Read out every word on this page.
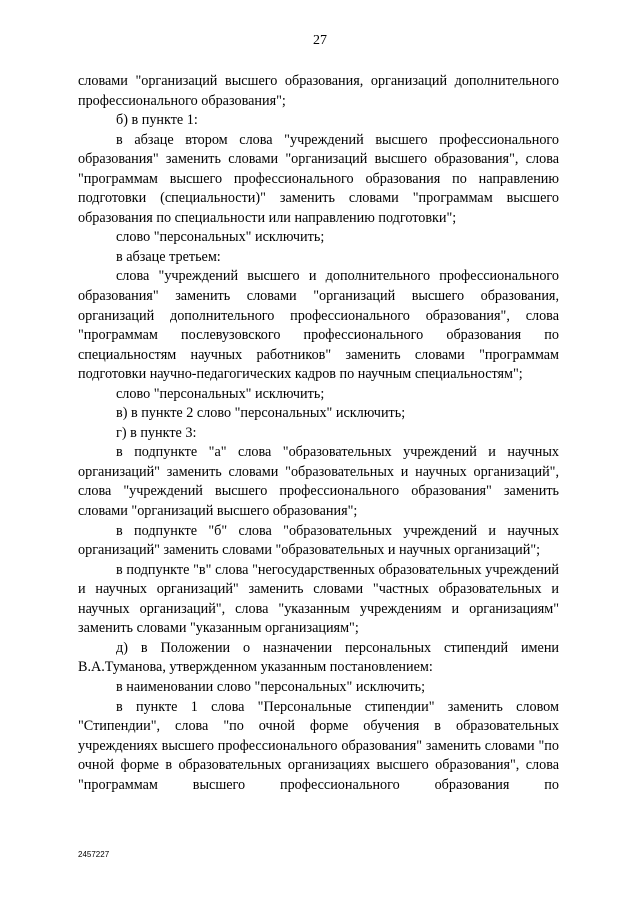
27

словами "организаций высшего образования, организаций дополнительного профессионального образования";

б) в пункте 1:

в абзаце втором слова "учреждений высшего профессионального образования" заменить словами "организаций высшего образования", слова "программам высшего профессионального образования по направлению подготовки (специальности)" заменить словами "программам высшего образования по специальности или направлению подготовки";

слово "персональных" исключить;

в абзаце третьем:

слова "учреждений высшего и дополнительного профессионального образования" заменить словами "организаций высшего образования, организаций дополнительного профессионального образования", слова "программам послевузовского профессионального образования по специальностям научных работников" заменить словами "программам подготовки научно-педагогических кадров по научным специальностям";

слово "персональных" исключить;

в) в пункте 2 слово "персональных" исключить;

г) в пункте 3:

в подпункте "а" слова "образовательных учреждений и научных организаций" заменить словами "образовательных и научных организаций", слова "учреждений высшего профессионального образования" заменить словами "организаций высшего образования";

в подпункте "б" слова "образовательных учреждений и научных организаций" заменить словами "образовательных и научных организаций";

в подпункте "в" слова "негосударственных образовательных учреждений и научных организаций" заменить словами "частных образовательных и научных организаций", слова "указанным учреждениям и организациям" заменить словами "указанным организациям";

д) в Положении о назначении персональных стипендий имени В.А.Туманова, утвержденном указанным постановлением:

в наименовании слово "персональных" исключить;

в пункте 1 слова "Персональные стипендии" заменить словом "Стипендии", слова "по очной форме обучения в образовательных учреждениях высшего профессионального образования" заменить словами "по очной форме в образовательных организациях высшего образования", слова "программам высшего профессионального образования по

2457227
